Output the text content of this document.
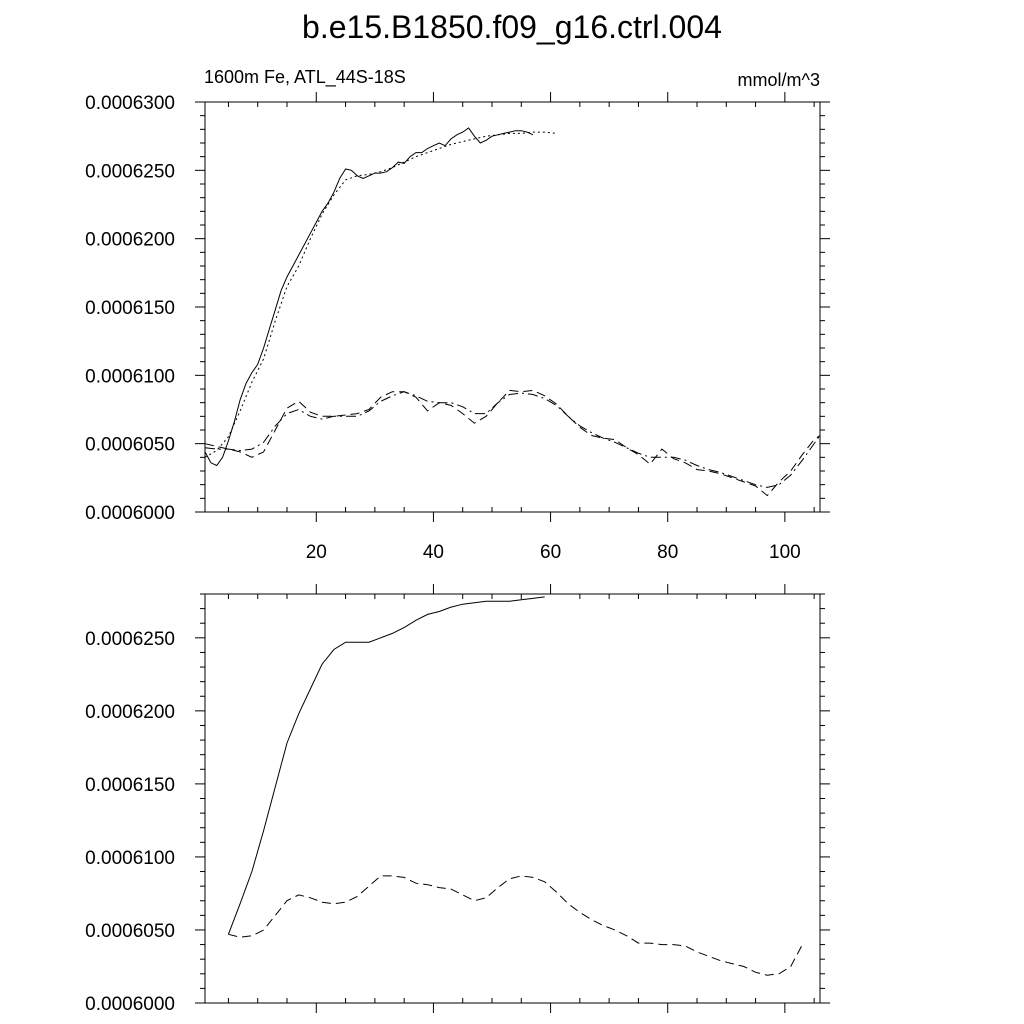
b.e15.B1850.f09_g16.ctrl.004
1600m Fe, ATL_44S-18S	mmol/m^3
20	40	60	80	100
0.0006000
0.0006050
0.0006100
0.0006150
0.0006200
0.0006250
0.0006300
0.0006000
0.0006050
0.0006100
0.0006150
0.0006200
0.0006250
